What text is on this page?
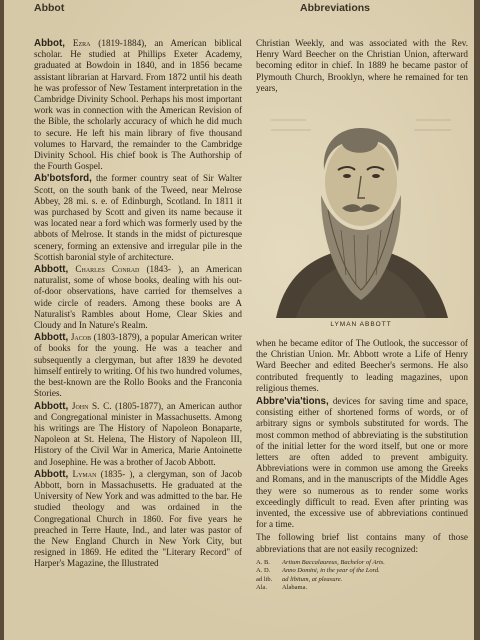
Abbot	Abbreviations

Abbot, Ezra (1819-1884), an American biblical scholar. He studied at Phillips Exeter Academy, graduated at Bowdoin in 1840, and in 1856 became assistant librarian at Harvard. From 1872 until his death he was professor of New Testament interpretation in the Cambridge Divinity School. Perhaps his most important work was in connection with the American Revision of the Bible, the scholarly accuracy of which he did much to secure. He left his main library of five thousand volumes to Harvard, the remainder to the Cambridge Divinity School. His chief book is The Authorship of the Fourth Gospel.

Ab'botsford, the former country seat of Sir Walter Scott, on the south bank of the Tweed, near Melrose Abbey, 28 mi. s. e. of Edinburgh, Scotland. In 1811 it was purchased by Scott and given its name because it was located near a ford which was formerly used by the abbots of Melrose. It stands in the midst of picturesque scenery, forming an extensive and irregular pile in the Scottish baronial style of architecture.

Abbott, Charles Conrad (1843- ), an American naturalist, some of whose books, dealing with his out-of-door observations, have carried for themselves a wide circle of readers. Among these books are A Naturalist's Rambles about Home, Clear Skies and Cloudy and In Nature's Realm.

Abbott, Jacob (1803-1879), a popular American writer of books for the young. He was a teacher and subsequently a clergyman, but after 1839 he devoted himself entirely to writing. Of his two hundred volumes, the best-known are the Rollo Books and the Franconia Stories.

Abbott, John S. C. (1805-1877), an American author and Congregational minister in Massachusetts. Among his writings are The History of Napoleon Bonaparte, Napoleon at St. Helena, The History of Napoleon III, History of the Civil War in America, Marie Antoinette and Josephine. He was a brother of Jacob Abbott.

Abbott, Lyman (1835- ), a clergyman, son of Jacob Abbott, born in Massachusetts. He graduated at the University of New York and was admitted to the bar. He studied theology and was ordained in the Congregational Church in 1860. For five years he preached in Terre Haute, Ind., and later was pastor of the New England Church in New York City, but resigned in 1869. He edited the "Literary Record" of Harper's Magazine, the Illustrated

Christian Weekly, and was associated with the Rev. Henry Ward Beecher on the Christian Union, afterward becoming editor in chief. In 1889 he became pastor of Plymouth Church, Brooklyn, where he remained for ten years,

LYMAN ABBOTT

when he became editor of The Outlook, the successor of the Christian Union. Mr. Abbott wrote a Life of Henry Ward Beecher and edited Beecher's sermons. He also contributed frequently to leading magazines, upon religious themes.

Abbre'via'tions, devices for saving time and space, consisting either of shortened forms of words, or of arbitrary signs or symbols substituted for words. The most common method of abbreviating is the substitution of the initial letter for the word itself, but one or more letters are often added to prevent ambiguity. Abbreviations were in common use among the Greeks and Romans, and in the manuscripts of the Middle Ages they were so numerous as to render some works exceedingly difficult to read. Even after printing was invented, the excessive use of abbreviations continued for a time.

The following brief list contains many of those abbreviations that are not easily recognized:

A. B. Artium Baccalaureus, Bachelor of Arts.
A. D. Anno Domini, in the year of the Lord.
ad lib. ad libitum, at pleasure.
Ala. Alabama.
